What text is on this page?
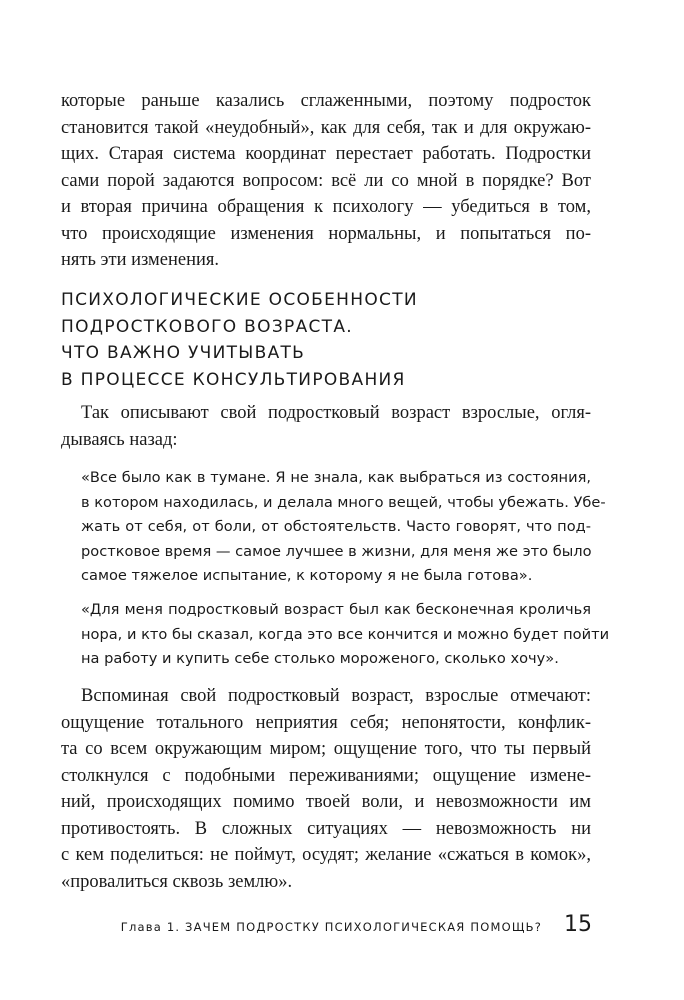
которые раньше казались сглаженными, поэтому подросток
становится такой «неудобный», как для себя, так и для окружаю-
щих. Старая система координат перестает работать. Подростки
сами порой задаются вопросом: всё ли со мной в порядке? Вот
и вторая причина обращения к психологу — убедиться в том,
что происходящие изменения нормальны, и попытаться по-
нять эти изменения.
ПСИХОЛОГИЧЕСКИЕ ОСОБЕННОСТИ
ПОДРОСТКОВОГО ВОЗРАСТА.
ЧТО ВАЖНО УЧИТЫВАТЬ
В ПРОЦЕССЕ КОНСУЛЬТИРОВАНИЯ
Так описывают свой подростковый возраст взрослые, огля-
дываясь назад:
«Все было как в тумане. Я не знала, как выбраться из состояния,
в котором находилась, и делала много вещей, чтобы убежать. Убе-
жать от себя, от боли, от обстоятельств. Часто говорят, что под-
ростковое время — самое лучшее в жизни, для меня же это было
самое тяжелое испытание, к которому я не была готова».
«Для меня подростковый возраст был как бесконечная кроличья
нора, и кто бы сказал, когда это все кончится и можно будет пойти
на работу и купить себе столько мороженого, сколько хочу».
Вспоминая свой подростковый возраст, взрослые отмечают:
ощущение тотального неприятия себя; непонятости, конфлик-
та со всем окружающим миром; ощущение того, что ты первый
столкнулся с подобными переживаниями; ощущение измене-
ний, происходящих помимо твоей воли, и невозможности им
противостоять. В сложных ситуациях — невозможность ни
с кем поделиться: не поймут, осудят; желание «сжаться в комок»,
«провалиться сквозь землю».
Глава 1. ЗАЧЕМ ПОДРОСТКУ ПСИХОЛОГИЧЕСКАЯ ПОМОЩЬ? 15
